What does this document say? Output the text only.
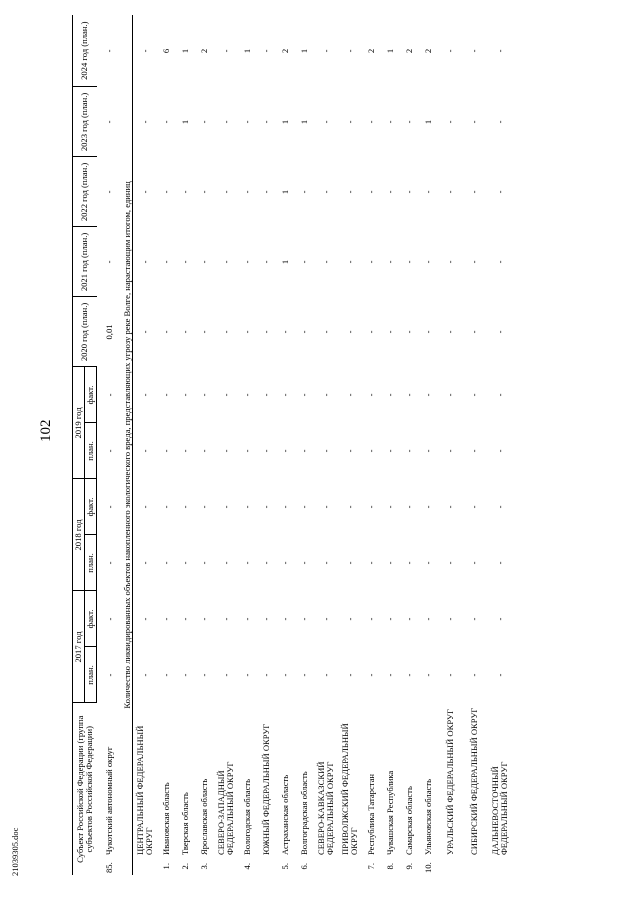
102
21039305.doc	Субъект Российской Федерации (группа субъектов Российской Федерации)		2017 год		2018 год		2019 год		2020 год (план.)	2021 год (план.)	2022 год (план.)	2023 год (план.)	2024 год (план.)
		план.	факт.	план.	факт.	план.	факт.					
85.	Чукотский автономный округ	-	-	-	-	-	-	0,01	-	-	-	-
Количество ликвидированных объектов накопленного экологического вреда, представляющих угрозу реке Волге, нарастающим итогом, единиц												
	ЦЕНТРАЛЬНЫЙ ФЕДЕРАЛЬНЫЙ ОКРУГ	-	-	-	-	-	-	-	-	-	-	-
1.	Ивановская область	-	-	-	-	-	-	-	-	-	-	6
2.	Тверская область	-	-	-	-	-	-	-	-	-	1	1
3.	Ярославская область	-	-	-	-	-	-	-	-	-	-	2
	СЕВЕРО-ЗАПАДНЫЙ ФЕДЕРАЛЬНЫЙ ОКРУГ	-	-	-	-	-	-	-	-	-	-	-
4.	Вологодская область	-	-	-	-	-	-	-	-	-	-	1
	ЮЖНЫЙ ФЕДЕРАЛЬНЫЙ ОКРУГ	-	-	-	-	-	-	-	-	-	-	-
5.	Астраханская область	-	-	-	-	-	-	-	1	1	1	2
6.	Волгоградская область	-	-	-	-	-	-	-	-	-	1	1
	СЕВЕРО-КАВКАЗСКИЙ ФЕДЕРАЛЬНЫЙ ОКРУГ	-	-	-	-	-	-	-	-	-	-	-
	ПРИВОЛЖСКИЙ ФЕДЕРАЛЬНЫЙ ОКРУГ	-	-	-	-	-	-	-	-	-	-	-
7.	Республика Татарстан	-	-	-	-	-	-	-	-	-	-	2
8.	Чувашская Республика	-	-	-	-	-	-	-	-	-	-	1
9.	Самарская область	-	-	-	-	-	-	-	-	-	-	2
10.	Ульяновская область	-	-	-	-	-	-	-	-	-	1	2
	УРАЛЬСКИЙ ФЕДЕРАЛЬНЫЙ ОКРУГ	-	-	-	-	-	-	-	-	-	-	-
	СИБИРСКИЙ ФЕДЕРАЛЬНЫЙ ОКРУГ	-	-	-	-	-	-	-	-	-	-	-
	ДАЛЬНЕВОСТОЧНЫЙ ФЕДЕРАЛЬНЫЙ ОКРУГ	-	-	-	-	-	-	-	-	-	-	-
